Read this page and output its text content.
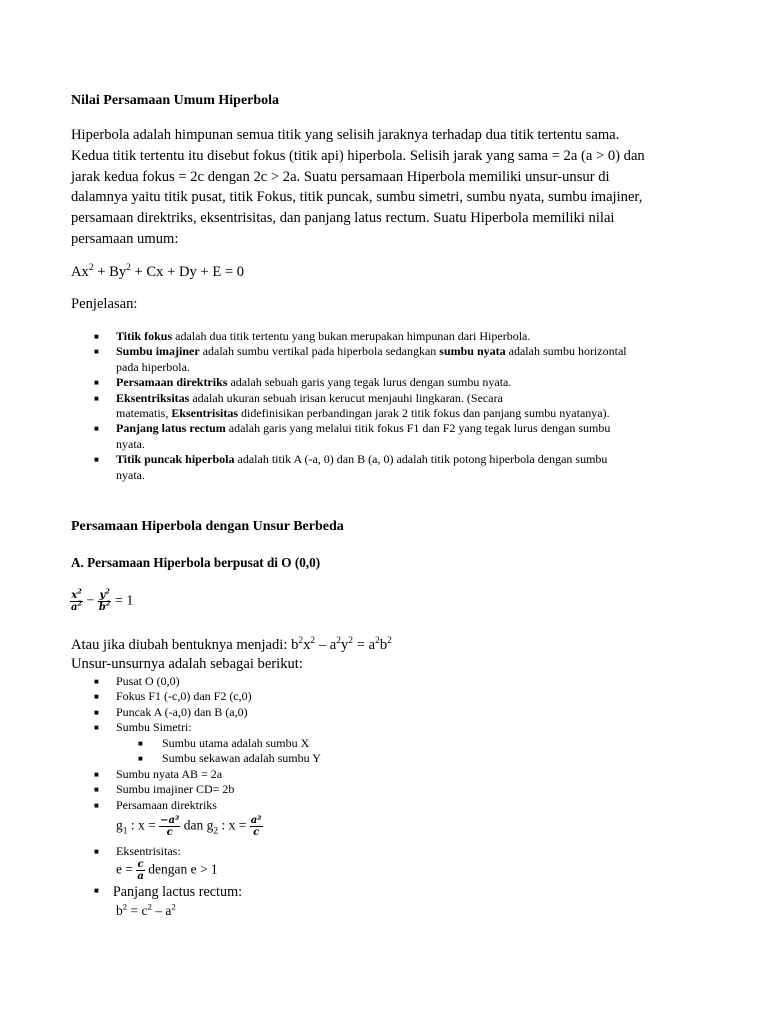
Nilai Persamaan Umum Hiperbola
Hiperbola adalah himpunan semua titik yang selisih jaraknya terhadap dua titik tertentu sama.
Kedua titik tertentu itu disebut fokus (titik api) hiperbola. Selisih jarak yang sama = 2a (a > 0) dan
jarak kedua fokus = 2c dengan 2c > 2a. Suatu persamaan Hiperbola memiliki unsur-unsur di
dalamnya yaitu titik pusat, titik Fokus, titik puncak, sumbu simetri, sumbu nyata, sumbu imajiner,
persamaan direktriks, eksentrisitas, dan panjang latus rectum. Suatu Hiperbola memiliki nilai
persamaan umum:
$Ax^2 + By^2 + Cx + Dy + E = 0$
Penjelasan:
■ Titik fokus adalah dua titik tertentu yang bukan merupakan himpunan dari Hiperbola.
■ Sumbu imajiner adalah sumbu vertikal pada hiperbola sedangkan sumbu nyata adalah sumbu horizontal
pada hiperbola.
■ Persamaan direktriks adalah sebuah garis yang tegak lurus dengan sumbu nyata.
■ Eksentriksitas adalah ukuran sebuah irisan kerucut menjauhi lingkaran. (Secara
matematis, Eksentrisitas didefinisikan perbandingan jarak 2 titik fokus dan panjang sumbu nyatanya).
■ Panjang latus rectum adalah garis yang melalui titik fokus F1 dan F2 yang tegak lurus dengan sumbu
nyata.
■ Titik puncak hiperbola adalah titik A (-a, 0) dan B (a, 0) adalah titik potong hiperbola dengan sumbu
nyata.
Persamaan Hiperbola dengan Unsur Berbeda
A. Persamaan Hiperbola berpusat di O (0,0)
$\frac{x^2}{a^2} - \frac{y^2}{b^2} = 1$
Atau jika diubah bentuknya menjadi: $b^2x^2 - a^2y^2 = a^2b^2$
Unsur-unsurnya adalah sebagai berikut:
■ Pusat O (0,0)
■ Fokus F1 (-c,0) dan F2 (c,0)
■ Puncak A (-a,0) dan B (a,0)
■ Sumbu Simetri:
■ Sumbu utama adalah sumbu X
■ Sumbu sekawan adalah sumbu Y
■ Sumbu nyata AB = 2a
■ Sumbu imajiner CD= 2b
■ Persamaan direktriks
$g_1$ : $x = \frac{\text{−a²}}{c}$ dan $g_2$ : $x = \frac{\text{a²}}{c}$
■ Eksentrisitas:
$e = \frac{c}{a}$ dengan e > 1
■ Panjang lactus rectum:
$b^2 = c^2 - a^2$
